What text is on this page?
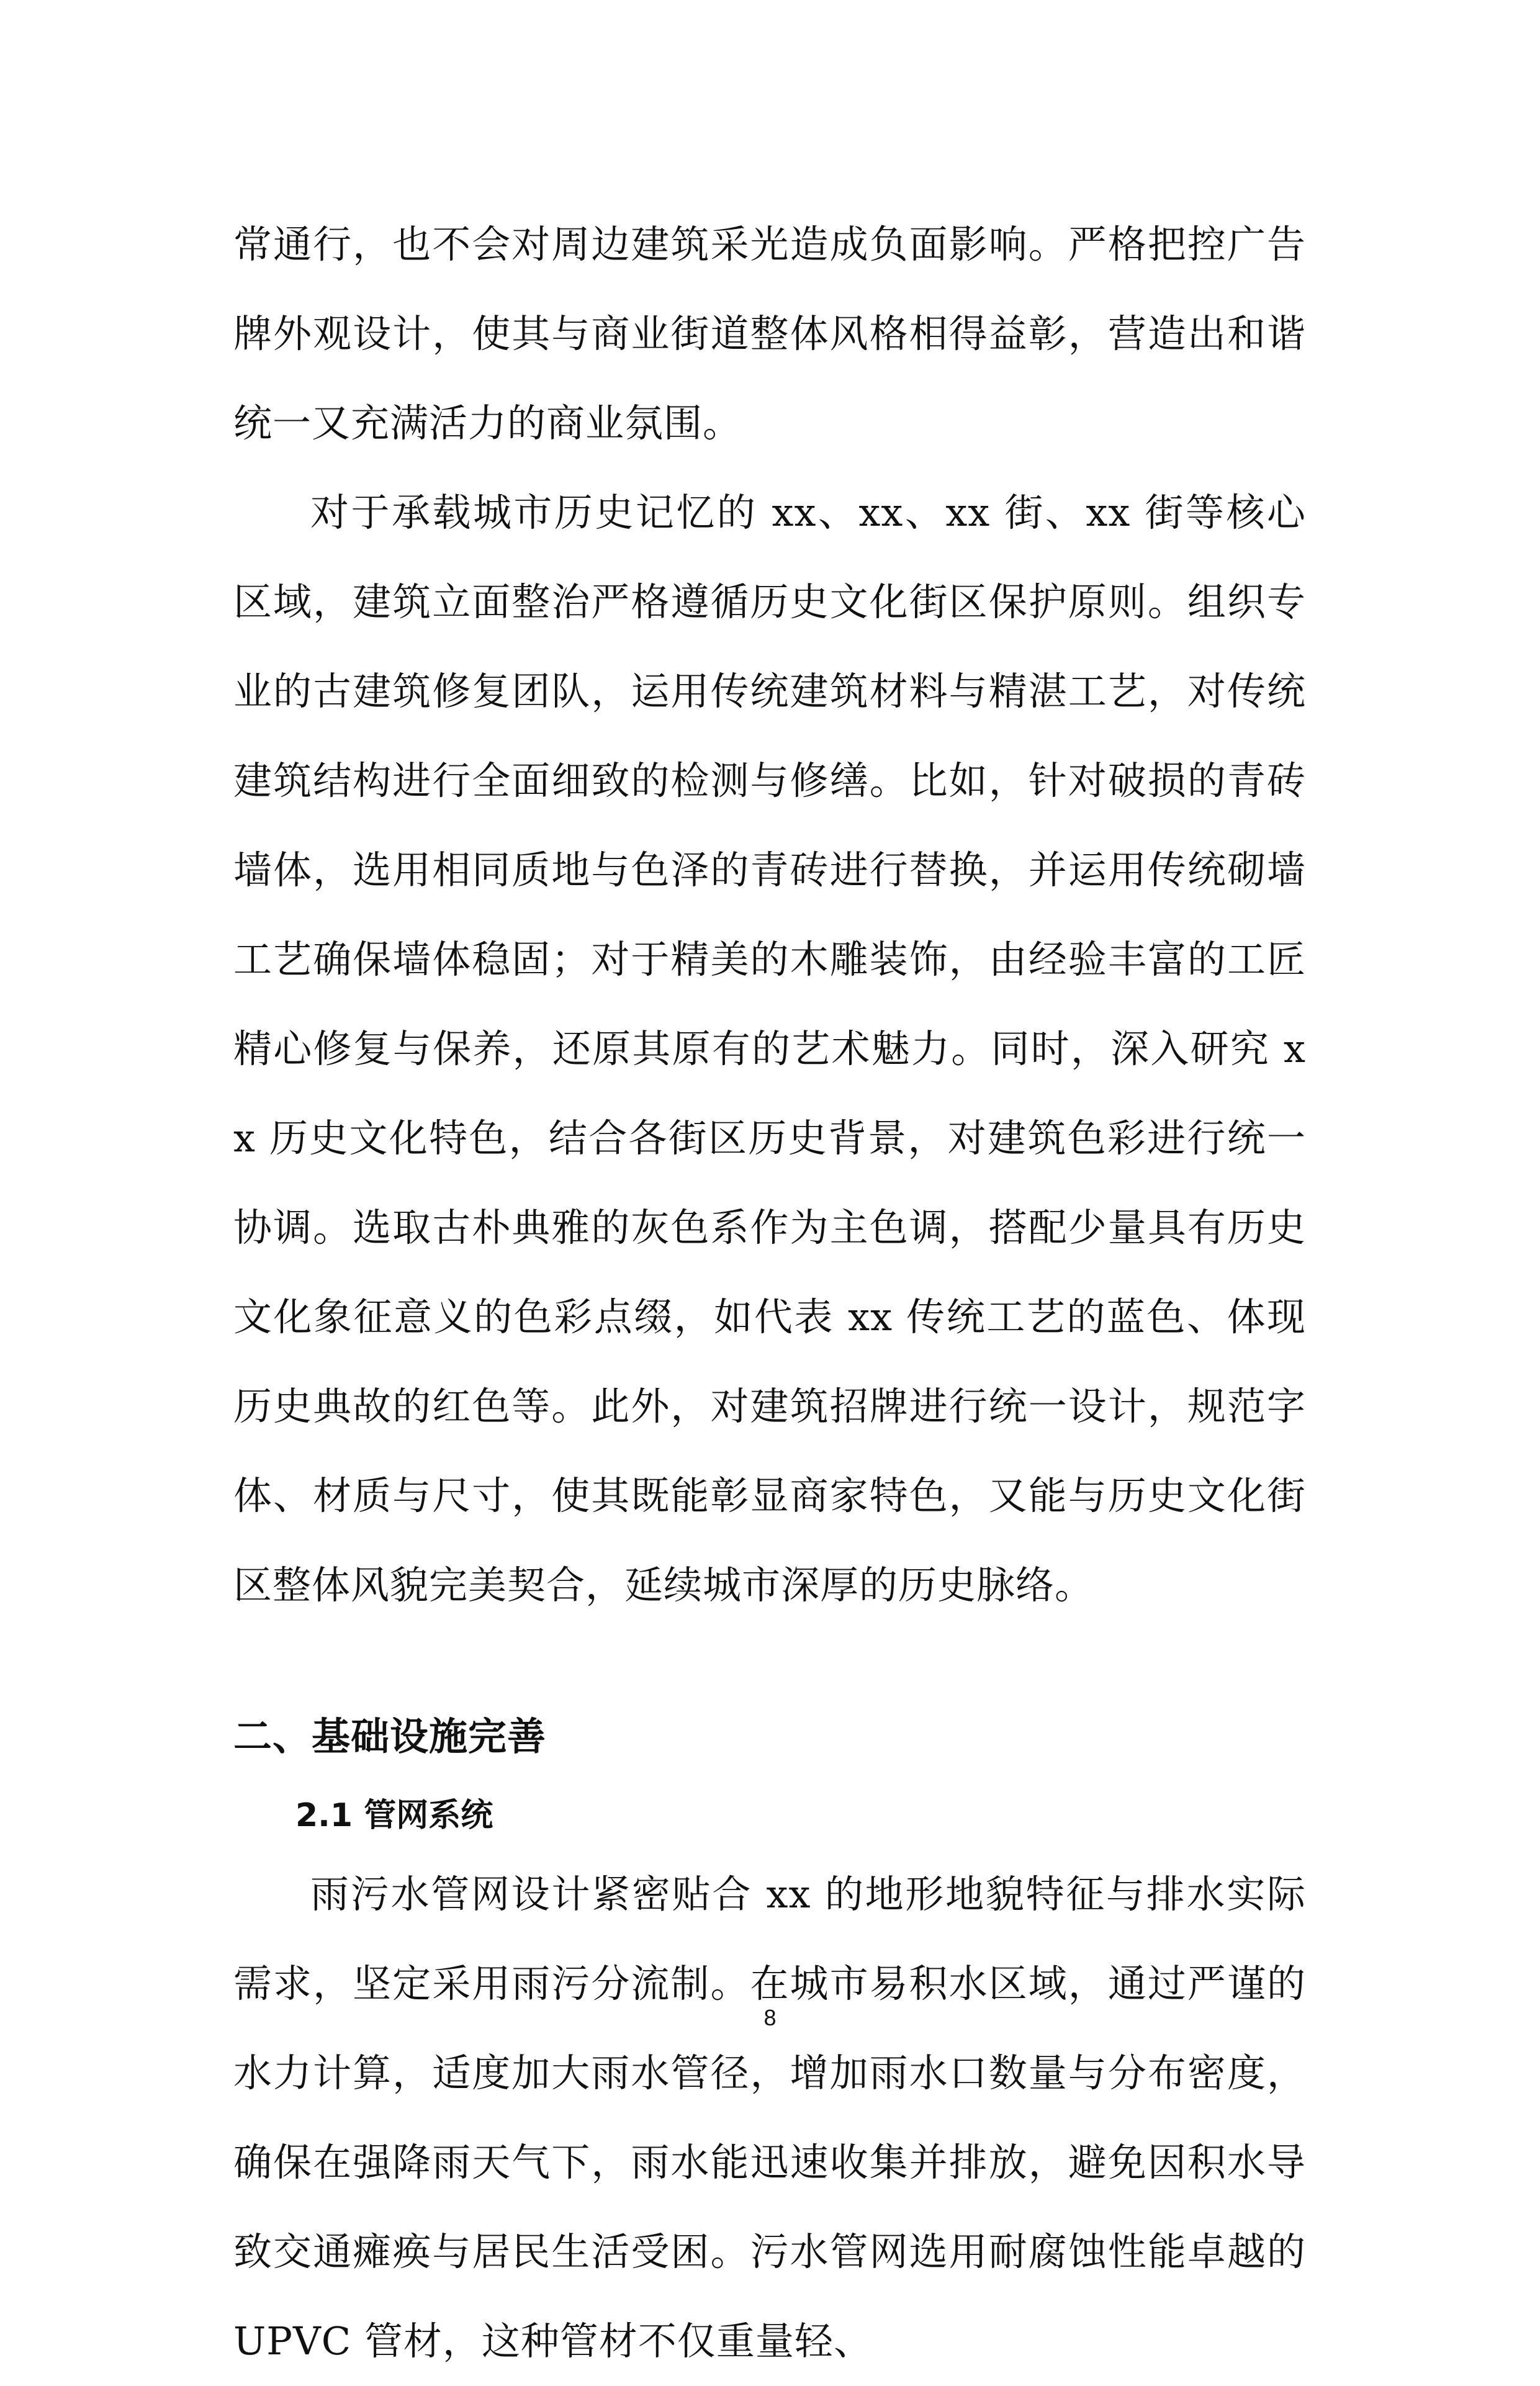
常通行，也不会对周边建筑采光造成负面影响。严格把控广告牌外观设计，使其与商业街道整体风格相得益彰，营造出和谐统一又充满活力的商业氛围。

对于承载城市历史记忆的 xx、xx、xx 街、xx 街等核心区域，建筑立面整治严格遵循历史文化街区保护原则。组织专业的古建筑修复团队，运用传统建筑材料与精湛工艺，对传统建筑结构进行全面细致的检测与修缮。比如，针对破损的青砖墙体，选用相同质地与色泽的青砖进行替换，并运用传统砌墙工艺确保墙体稳固；对于精美的木雕装饰，由经验丰富的工匠精心修复与保养，还原其原有的艺术魅力。同时，深入研究 xx 历史文化特色，结合各街区历史背景，对建筑色彩进行统一协调。选取古朴典雅的灰色系作为主色调，搭配少量具有历史文化象征意义的色彩点缀，如代表 xx 传统工艺的蓝色、体现历史典故的红色等。此外，对建筑招牌进行统一设计，规范字体、材质与尺寸，使其既能彰显商家特色，又能与历史文化街区整体风貌完美契合，延续城市深厚的历史脉络。

二、基础设施完善
2.1 管网系统

雨污水管网设计紧密贴合 xx 的地形地貌特征与排水实际需求，坚定采用雨污分流制。在城市易积水区域，通过严谨的水力计算，适度加大雨水管径，增加雨水口数量与分布密度，确保在强降雨天气下，雨水能迅速收集并排放，避免因积水导致交通瘫痪与居民生活受困。污水管网选用耐腐蚀性能卓越的 UPVC 管材，这种管材不仅重量轻、

8
